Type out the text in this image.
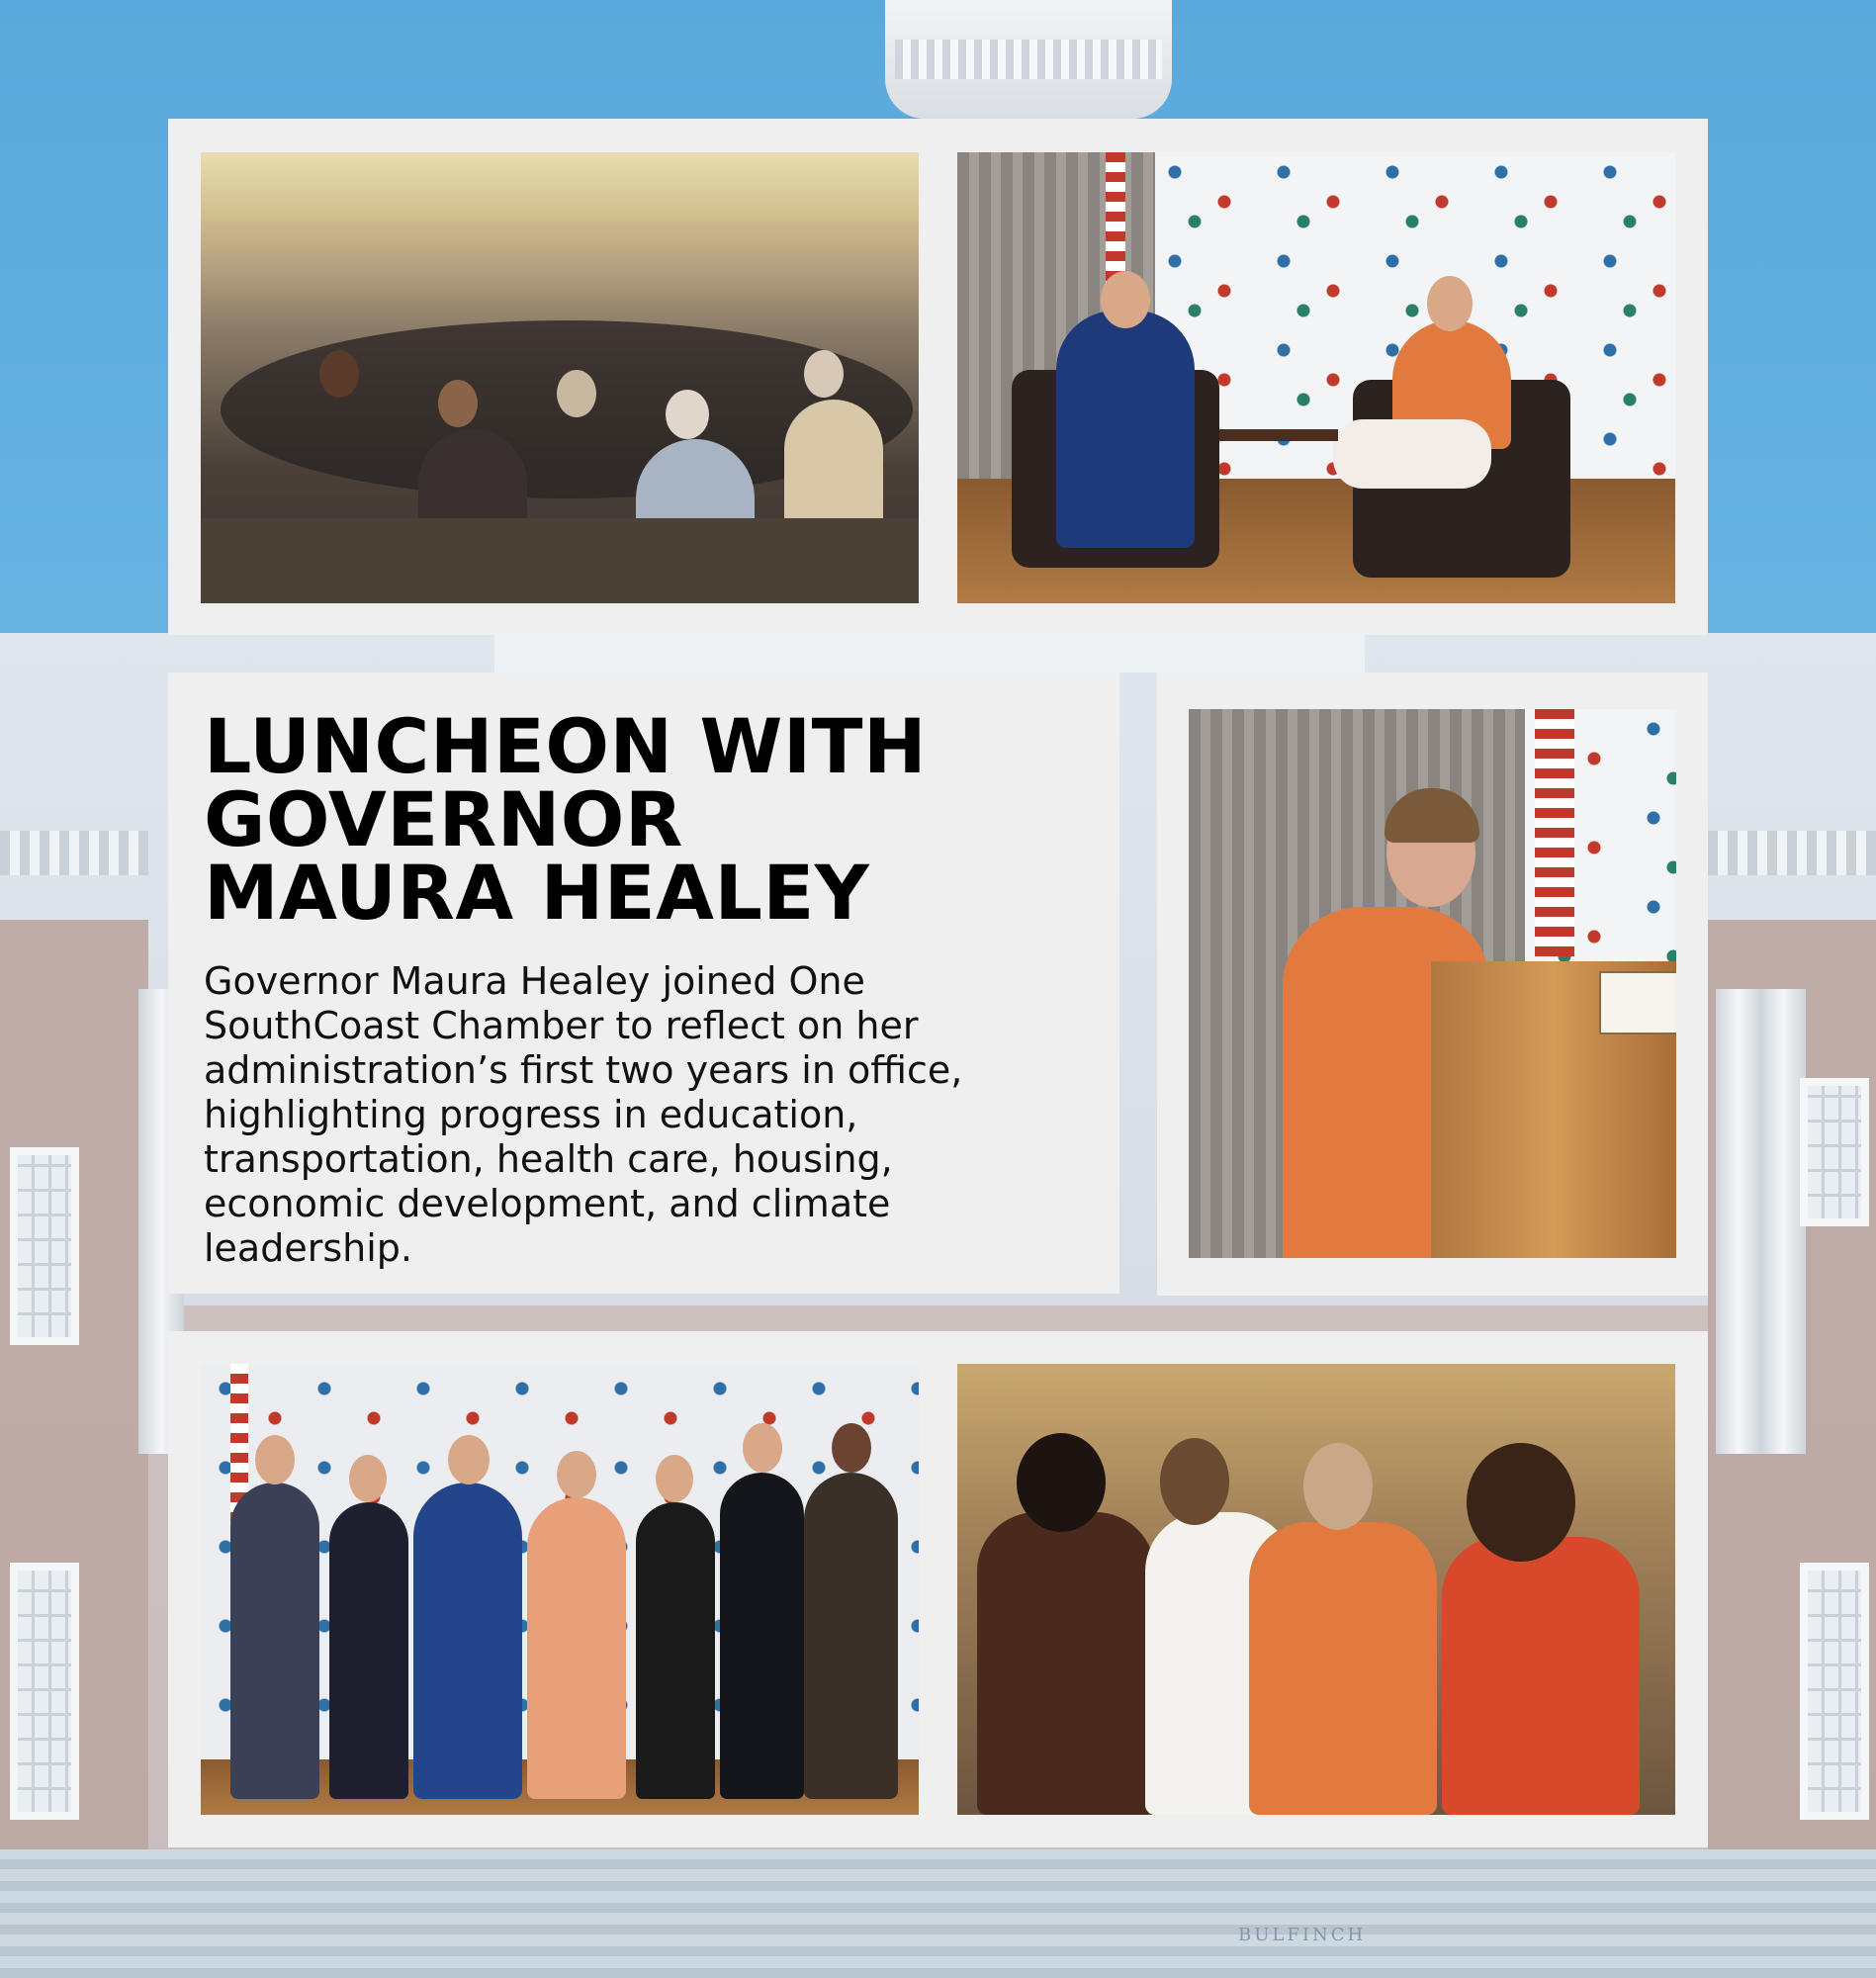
BULFINCH
LUNCHEON WITH
GOVERNOR
MAURA HEALEY

Governor Maura Healey joined One SouthCoast Chamber to reflect on her administration’s first two years in office, highlighting progress in education, transportation, health care, housing, economic development, and climate leadership.
